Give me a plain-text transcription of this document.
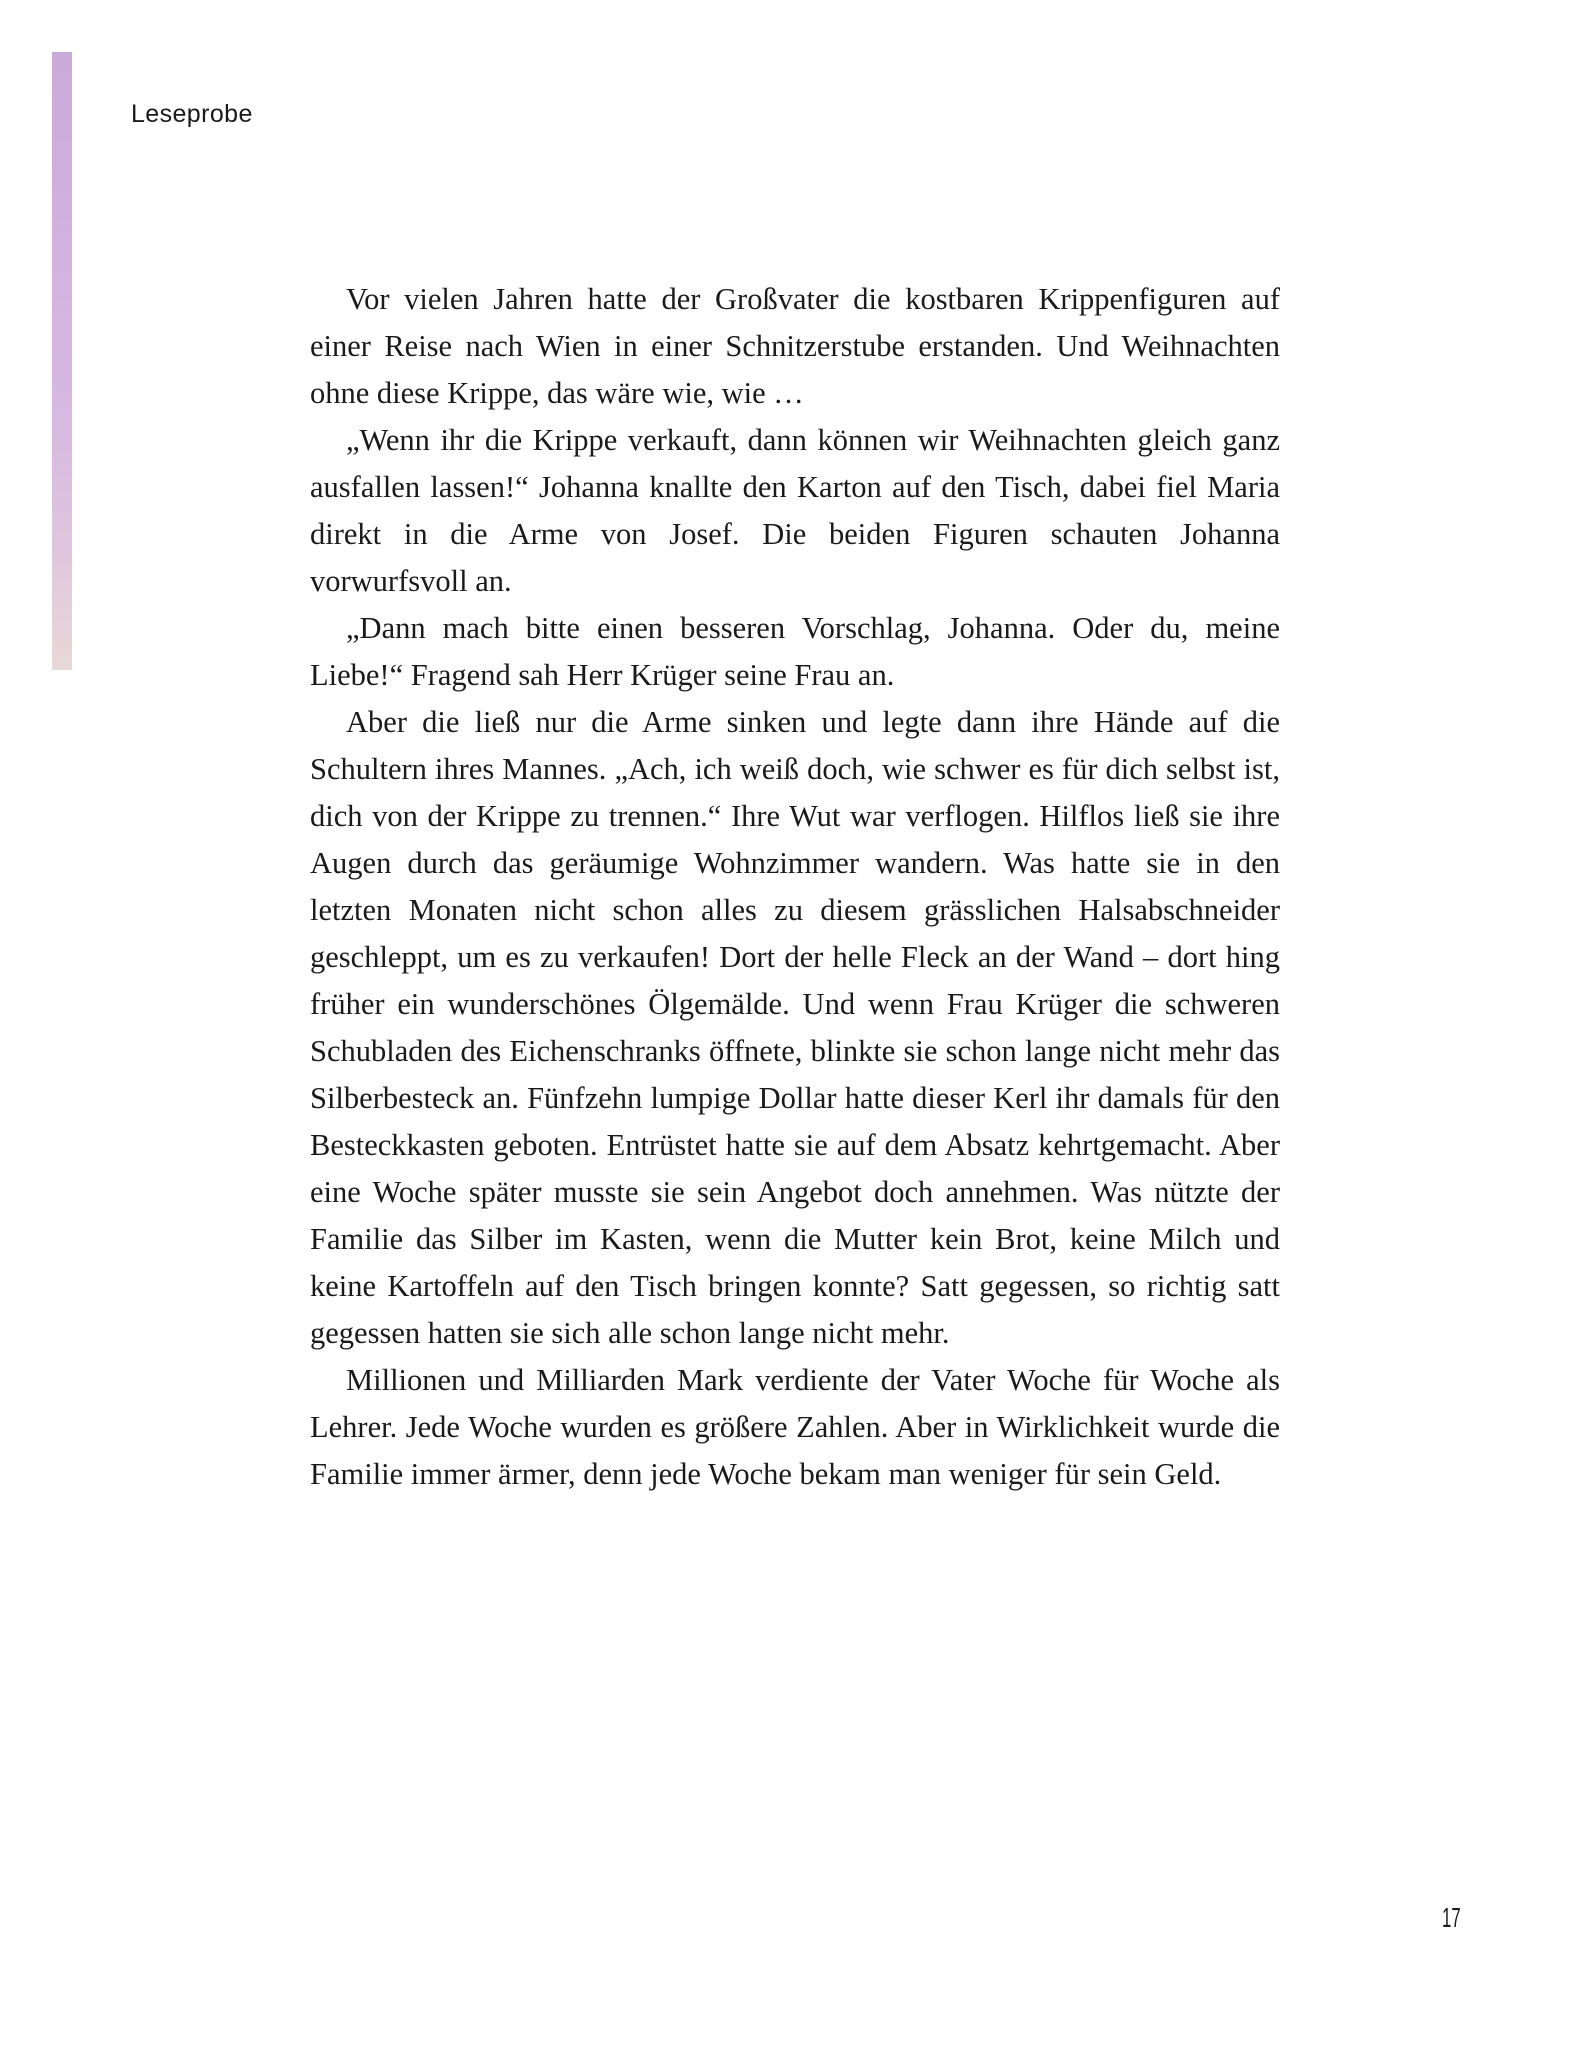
Leseprobe

Vor vielen Jahren hatte der Großvater die kostbaren Krippenfiguren auf einer Reise nach Wien in einer Schnitzerstube erstanden. Und Weihnachten ohne diese Krippe, das wäre wie, wie …

„Wenn ihr die Krippe verkauft, dann können wir Weihnachten gleich ganz ausfallen lassen!“ Johanna knallte den Karton auf den Tisch, dabei fiel Maria direkt in die Arme von Josef. Die beiden Figuren schauten Johanna vorwurfsvoll an.

„Dann mach bitte einen besseren Vorschlag, Johanna. Oder du, meine Liebe!“ Fragend sah Herr Krüger seine Frau an.

Aber die ließ nur die Arme sinken und legte dann ihre Hände auf die Schultern ihres Mannes. „Ach, ich weiß doch, wie schwer es für dich selbst ist, dich von der Krippe zu trennen.“ Ihre Wut war verflogen. Hilflos ließ sie ihre Augen durch das geräumige Wohnzimmer wandern. Was hatte sie in den letzten Monaten nicht schon alles zu diesem grässlichen Halsabschneider geschleppt, um es zu verkaufen! Dort der helle Fleck an der Wand – dort hing früher ein wunderschönes Ölgemälde. Und wenn Frau Krüger die schweren Schubladen des Eichenschranks öffnete, blinkte sie schon lange nicht mehr das Silberbesteck an. Fünfzehn lumpige Dollar hatte dieser Kerl ihr damals für den Besteckkasten geboten. Entrüstet hatte sie auf dem Absatz kehrtgemacht. Aber eine Woche später musste sie sein Angebot doch annehmen. Was nützte der Familie das Silber im Kasten, wenn die Mutter kein Brot, keine Milch und keine Kartoffeln auf den Tisch bringen konnte? Satt gegessen, so richtig satt gegessen hatten sie sich alle schon lange nicht mehr.

Millionen und Milliarden Mark verdiente der Vater Woche für Woche als Lehrer. Jede Woche wurden es größere Zahlen. Aber in Wirklichkeit wurde die Familie immer ärmer, denn jede Woche bekam man weniger für sein Geld.

17
